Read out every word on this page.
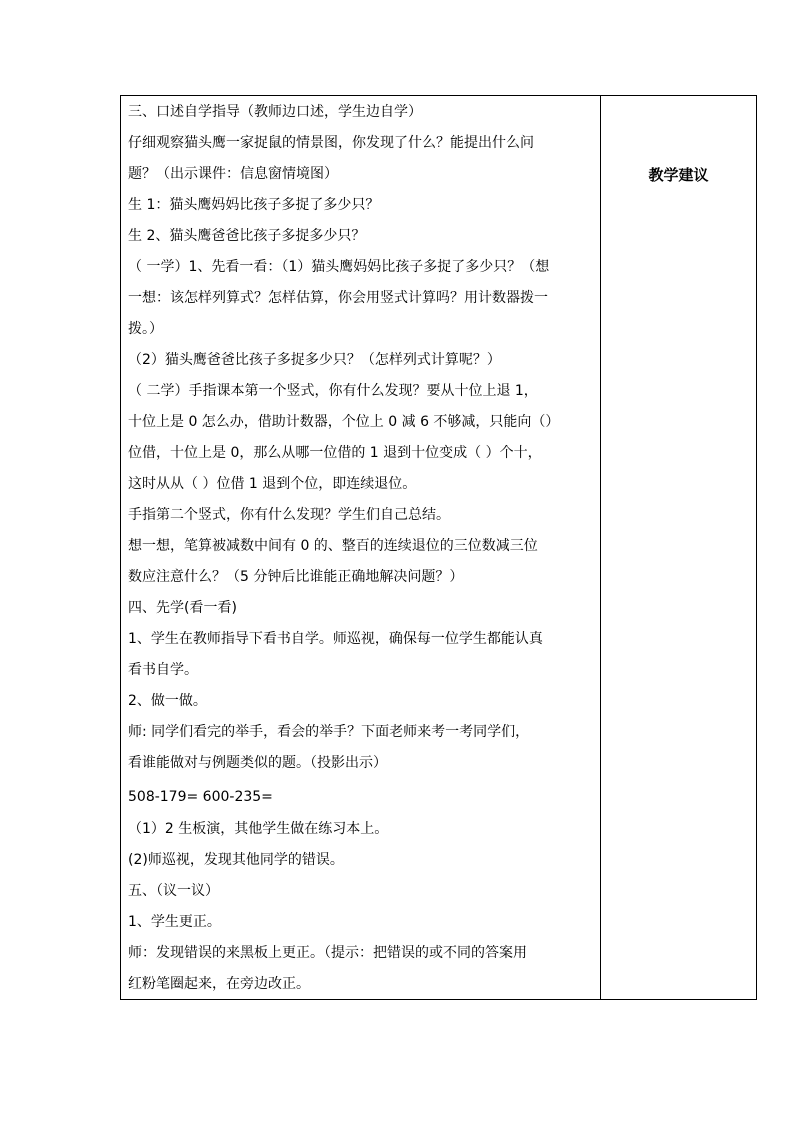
三、口述自学指导（教师边口述，学生边自学）
仔细观察猫头鹰一家捉鼠的情景图，你发现了什么？能提出什么问
题？（出示课件：信息窗情境图）
生 1：猫头鹰妈妈比孩子多捉了多少只？
生 2、猫头鹰爸爸比孩子多捉多少只？
（ 一学）1、先看一看：（1）猫头鹰妈妈比孩子多捉了多少只？（想
一想：该怎样列算式？怎样估算，你会用竖式计算吗？用计数器拨一
拨。）
（2）猫头鹰爸爸比孩子多捉多少只？（怎样列式计算呢？）
（ 二学）手指课本第一个竖式，你有什么发现？要从十位上退 1，
十位上是 0 怎么办，借助计数器，个位上 0 减 6 不够减，只能向（）
位借，十位上是 0，那么从哪一位借的 1 退到十位变成（ ）个十，
这时从从（ ）位借 1 退到个位，即连续退位。
手指第二个竖式，你有什么发现？学生们自己总结。
想一想，笔算被减数中间有 0 的、整百的连续退位的三位数减三位
数应注意什么？（5 分钟后比谁能正确地解决问题？）
四、先学(看一看)
1、学生在教师指导下看书自学。师巡视，确保每一位学生都能认真
看书自学。
2、做一做。
师: 同学们看完的举手，看会的举手？下面老师来考一考同学们，
看谁能做对与例题类似的题。（投影出示）
508-179= 600-235=
（1）2 生板演，其他学生做在练习本上。
(2)师巡视，发现其他同学的错误。
五、（议一议）
1、学生更正。
师：发现错误的来黑板上更正。（提示：把错误的或不同的答案用
红粉笔圈起来，在旁边改正。
教学建议
